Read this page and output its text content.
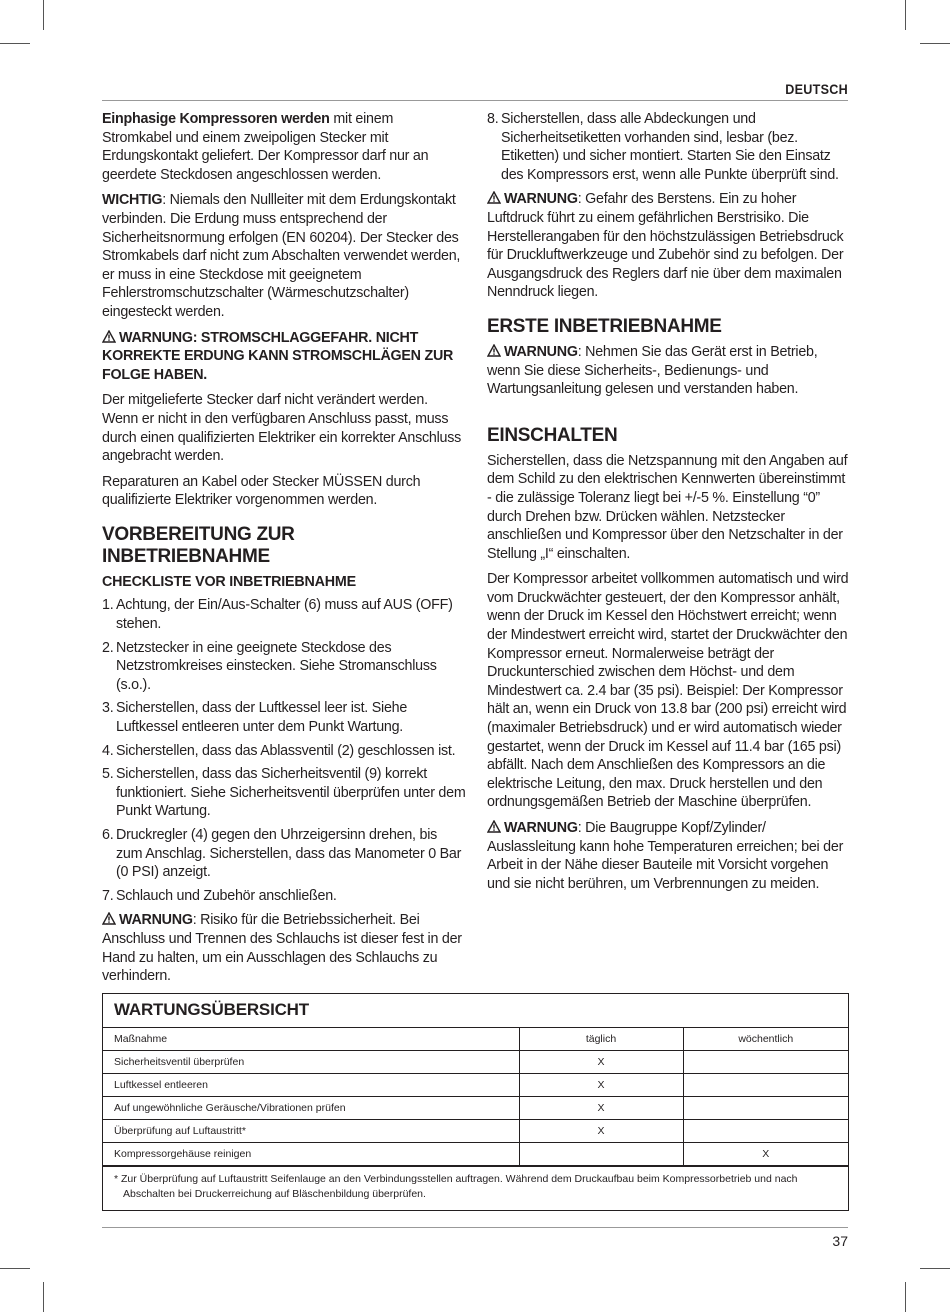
DEUTSCH

Einphasige Kompressoren werden mit einem Stromkabel und einem zweipoligen Stecker mit Erdungskontakt geliefert. Der Kompressor darf nur an geerdete Steckdosen angeschlossen werden.

WICHTIG: Niemals den Nullleiter mit dem Erdungskontakt verbinden. Die Erdung muss entsprechend der Sicherheitsnormung erfolgen (EN 60204). Der Stecker des Stromkabels darf nicht zum Abschalten verwendet werden, er muss in eine Steckdose mit geeignetem Fehlerstromschutzschalter (Wärmeschutzschalter) eingesteckt werden.

WARNUNG: STROMSCHLAGGEFAHR. NICHT KORREKTE ERDUNG KANN STROMSCHLÄGEN ZUR FOLGE HABEN.

Der mitgelieferte Stecker darf nicht verändert werden. Wenn er nicht in den verfügbaren Anschluss passt, muss durch einen qualifizierten Elektriker ein korrekter Anschluss angebracht werden.

Reparaturen an Kabel oder Stecker MÜSSEN durch qualifizierte Elektriker vorgenommen werden.

VORBEREITUNG ZUR INBETRIEBNAHME
CHECKLISTE VOR INBETRIEBNAHME
1. Achtung, der Ein/Aus-Schalter (6) muss auf AUS (OFF) stehen.
2. Netzstecker in eine geeignete Steckdose des Netzstromkreises einstecken. Siehe Stromanschluss (s.o.).
3. Sicherstellen, dass der Luftkessel leer ist. Siehe Luftkessel entleeren unter dem Punkt Wartung.
4. Sicherstellen, dass das Ablassventil (2) geschlossen ist.
5. Sicherstellen, dass das Sicherheitsventil (9) korrekt funktioniert. Siehe Sicherheitsventil überprüfen unter dem Punkt Wartung.
6. Druckregler (4) gegen den Uhrzeigersinn drehen, bis zum Anschlag. Sicherstellen, dass das Manometer 0 Bar (0 PSI) anzeigt.
7. Schlauch und Zubehör anschließen.

WARNUNG: Risiko für die Betriebssicherheit. Bei Anschluss und Trennen des Schlauchs ist dieser fest in der Hand zu halten, um ein Ausschlagen des Schlauchs zu verhindern.

8. Sicherstellen, dass alle Abdeckungen und Sicherheitsetiketten vorhanden sind, lesbar (bez. Etiketten) und sicher montiert. Starten Sie den Einsatz des Kompressors erst, wenn alle Punkte überprüft sind.

WARNUNG: Gefahr des Berstens. Ein zu hoher Luftdruck führt zu einem gefährlichen Berstrisiko. Die Herstellerangaben für den höchstzulässigen Betriebsdruck für Druckluftwerkzeuge und Zubehör sind zu befolgen. Der Ausgangsdruck des Reglers darf nie über dem maximalen Nenndruck liegen.

ERSTE INBETRIEBNAHME

WARNUNG: Nehmen Sie das Gerät erst in Betrieb, wenn Sie diese Sicherheits-, Bedienungs- und Wartungsanleitung gelesen und verstanden haben.

EINSCHALTEN

Sicherstellen, dass die Netzspannung mit den Angaben auf dem Schild zu den elektrischen Kennwerten übereinstimmt - die zulässige Toleranz liegt bei +/-5 %. Einstellung “0” durch Drehen bzw. Drücken wählen. Netzstecker anschließen und Kompressor über den Netzschalter in der Stellung „I“ einschalten.

Der Kompressor arbeitet vollkommen automatisch und wird vom Druckwächter gesteuert, der den Kompressor anhält, wenn der Druck im Kessel den Höchstwert erreicht; wenn der Mindestwert erreicht wird, startet der Druckwächter den Kompressor erneut. Normalerweise beträgt der Druckunterschied zwischen dem Höchst- und dem Mindestwert ca. 2.4 bar (35 psi). Beispiel: Der Kompressor hält an, wenn ein Druck von 13.8 bar (200 psi) erreicht wird (maximaler Betriebsdruck) und er wird automatisch wieder gestartet, wenn der Druck im Kessel auf 11.4 bar (165 psi) abfällt. Nach dem Anschließen des Kompressors an die elektrische Leitung, den max. Druck herstellen und den ordnungsgemäßen Betrieb der Maschine überprüfen.

WARNUNG: Die Baugruppe Kopf/Zylinder/ Auslassleitung kann hohe Temperaturen erreichen; bei der Arbeit in der Nähe dieser Bauteile mit Vorsicht vorgehen und sie nicht berühren, um Verbrennungen zu meiden.

WARTUNGSÜBERSICHT
Maßnahme	täglich	wöchentlich
Sicherheitsventil überprüfen	X	
Luftkessel entleeren	X	
Auf ungewöhnliche Geräusche/Vibrationen prüfen	X	
Überprüfung auf Luftaustritt*	X	
Kompressorgehäuse reinigen		X
* Zur Überprüfung auf Luftaustritt Seifenlauge an den Verbindungsstellen auftragen. Während dem Druckaufbau beim Kompressorbetrieb und nach Abschalten bei Druckerreichung auf Bläschenbildung überprüfen.
37
